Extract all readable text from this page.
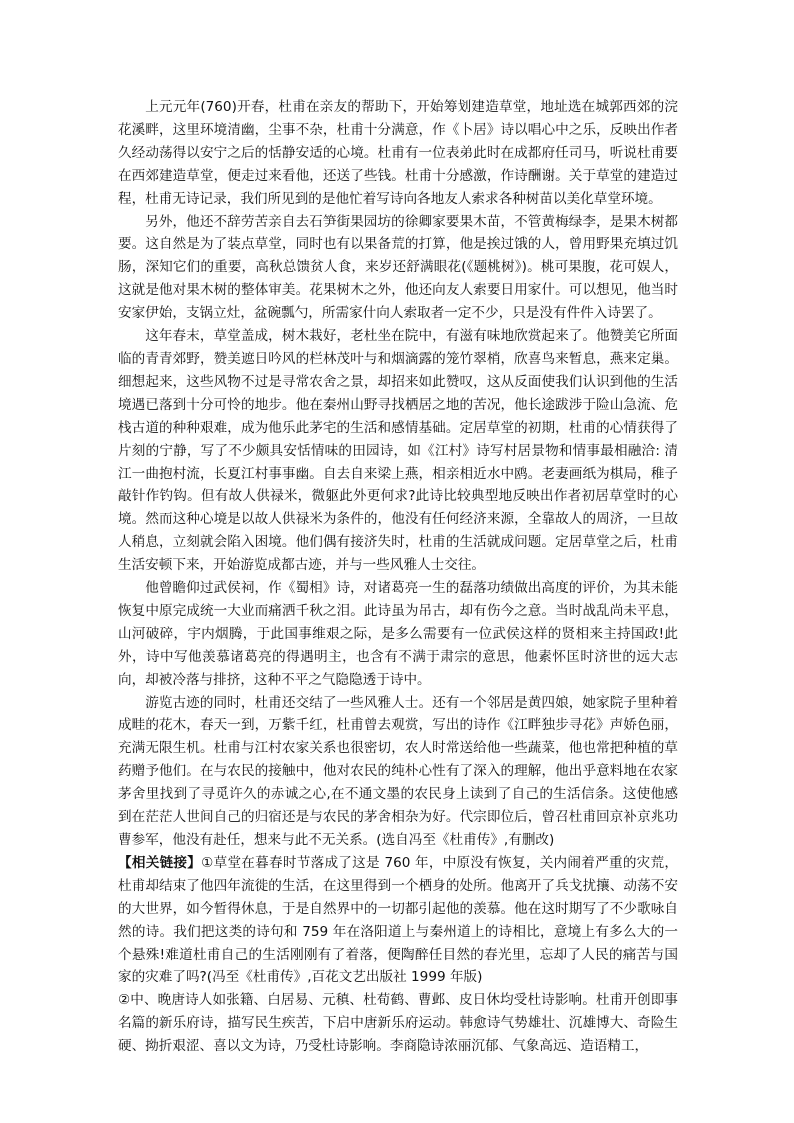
上元元年(760)开春，杜甫在亲友的帮助下，开始筹划建造草堂，地址选在城郭西郊的浣花溪畔，这里环境清幽，尘事不杂，杜甫十分满意，作《卜居》诗以唱心中之乐，反映出作者久经动荡得以安宁之后的恬静安适的心境。杜甫有一位表弟此时在成都府任司马，听说杜甫要在西郊建造草堂，便走过来看他，还送了些钱。杜甫十分感激，作诗酬谢。关于草堂的建造过程，杜甫无诗记录，我们所见到的是他忙着写诗向各地友人索求各种树苗以美化草堂环境。

另外，他还不辞劳苦亲自去石笋街果园坊的徐卿家要果木苗，不管黄梅绿李，是果木树都要。这自然是为了装点草堂，同时也有以果备荒的打算，他是挨过饿的人，曾用野果充填过饥肠，深知它们的重要，高秋总馈贫人食，来岁还舒满眼花(《题桃树》)。桃可果腹，花可娱人，这就是他对果木树的整体审美。花果树木之外，他还向友人索要日用家什。可以想见，他当时安家伊始，支锅立灶，盆碗瓢勺，所需家什向人索取者一定不少，只是没有件件入诗罢了。

这年春末，草堂盖成，树木栽好，老杜坐在院中，有滋有味地欣赏起来了。他赞美它所面临的青青郊野，赞美遮日吟风的栏林茂叶与和烟滴露的笼竹翠梢，欣喜鸟来暂息，燕来定巢。细想起来，这些风物不过是寻常农舍之景，却招来如此赞叹，这从反面使我们认识到他的生活境遇已落到十分可怜的地步。他在秦州山野寻找栖居之地的苦况，他长途跋涉于险山急流、危栈古道的种种艰难，成为他乐此茅宅的生活和感情基础。定居草堂的初期，杜甫的心情获得了片刻的宁静，写了不少颇具安恬情味的田园诗，如《江村》诗写村居景物和情事最相融洽: 清江一曲抱村流，长夏江村事事幽。自去自来梁上燕，相亲相近水中鸥。老妻画纸为棋局，稚子敲针作钓钩。但有故人供禄米，微躯此外更何求?此诗比较典型地反映出作者初居草堂时的心境。然而这种心境是以故人供禄米为条件的，他没有任何经济来源，全靠故人的周济，一旦故人稍息，立刻就会陷入困境。他们偶有接济失时，杜甫的生活就成问题。定居草堂之后，杜甫生活安顿下来，开始游览成都古迹，并与一些风雅人士交往。

他曾瞻仰过武侯祠，作《蜀相》诗，对诸葛亮一生的磊落功绩做出高度的评价，为其未能恢复中原完成统一大业而痛洒千秋之泪。此诗虽为吊古，却有伤今之意。当时战乱尚未平息，山河破碎，宇内烟腾，于此国事维艰之际，是多么需要有一位武侯这样的贤相来主持国政!此外，诗中写他羡慕诸葛亮的得遇明主，也含有不满于肃宗的意思，他素怀匡时济世的远大志向，却被冷落与排挤，这种不平之气隐隐透于诗中。

游览古迹的同时，杜甫还交结了一些风雅人士。还有一个邻居是黄四娘，她家院子里种着成畦的花木，春天一到，万紫千红，杜甫曾去观赏，写出的诗作《江畔独步寻花》声娇色丽，充满无限生机。杜甫与江村农家关系也很密切，农人时常送给他一些蔬菜，他也常把种植的草药赠予他们。在与农民的接触中，他对农民的纯朴心性有了深入的理解，他出乎意料地在农家茅舍里找到了寻觅许久的赤诚之心,在不通文墨的农民身上读到了自己的生活信条。这使他感到在茫茫人世间自己的归宿还是与农民的茅舍相杂为好。代宗即位后，曾召杜甫回京补京兆功曹参军，他没有赴任，想来与此不无关系。(选自冯至《杜甫传》,有删改)

【相关链接】①草堂在暮春时节落成了这是 760 年，中原没有恢复，关内闹着严重的灾荒，杜甫却结束了他四年流徙的生活，在这里得到一个栖身的处所。他离开了兵戈扰攘、动荡不安的大世界，如今暂得休息，于是自然界中的一切都引起他的羡慕。他在这时期写了不少歌咏自然的诗。我们把这类的诗句和 759 年在洛阳道上与秦州道上的诗相比，意境上有多么大的一个悬殊!难道杜甫自己的生活刚刚有了着落，便陶醉任目然的春光里，忘却了人民的痛苦与国家的灾难了吗?(冯至《杜甫传》,百花文艺出版社 1999 年版)

②中、晚唐诗人如张籍、白居易、元稹、杜荀鹤、曹邺、皮日休均受杜诗影响。杜甫开创即事名篇的新乐府诗，描写民生疾苦，下启中唐新乐府运动。韩愈诗气势雄壮、沉雄博大、奇险生硬、拗折艰涩、喜以文为诗，乃受杜诗影响。李商隐诗浓丽沉郁、气象高远、造语精工，
